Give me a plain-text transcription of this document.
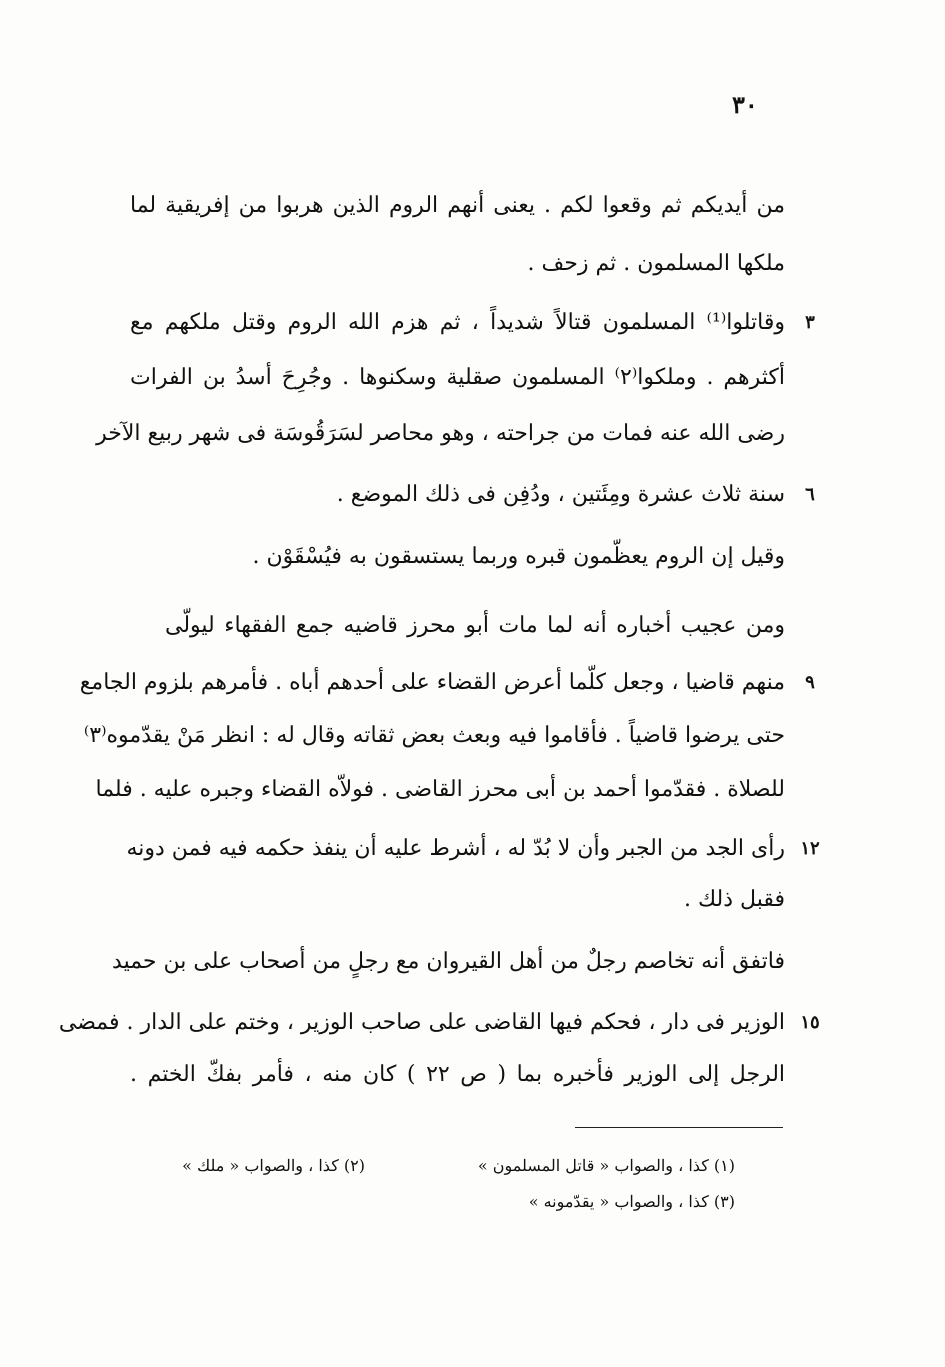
٣٠
من أيديكم ثم وقعوا لكم . يعنى أنهم الروم الذين هربوا من إفريقية لما
ملكها المسلمون . ثم زحف .
٣
وقاتلوا⁽¹⁾ المسلمون قتالاً شديداً ، ثم هزم الله الروم وقتل ملكهم مع
أكثرهم . وملكوا⁽٢⁾ المسلمون صقلية وسكنوها . وجُرِحَ أسدُ بن الفرات
رضى الله عنه فمات من جراحته ، وهو محاصر لسَرَقُوسَة فى شهر ربيع الآخر
٦
سنة ثلاث عشرة ومِئَتين ، ودُفِن فى ذلك الموضع .
وقيل إن الروم يعظّمون قبره وربما يستسقون به فيُسْقَوْن .
ومن عجيب أخباره أنه لما مات أبو محرز قاضيه جمع الفقهاء ليولّى
٩
منهم قاضيا ، وجعل كلّما أعرض القضاء على أحدهم أباه . فأمرهم بلزوم الجامع
حتى يرضوا قاضياً . فأقاموا فيه وبعث بعض ثقاته وقال له : انظر مَنْ يقدّموه⁽٣⁾
للصلاة . فقدّموا أحمد بن أبى محرز القاضى . فولاّه القضاء وجبره عليه . فلما
١٢
رأى الجد من الجبر وأن لا بُدّ له ، أشرط عليه أن ينفذ حكمه فيه فمن دونه
فقبل ذلك .
فاتفق أنه تخاصم رجلٌ من أهل القيروان مع رجلٍ من أصحاب على بن حميد
١٥
الوزير فى دار ، فحكم فيها القاضى على صاحب الوزير ، وختم على الدار . فمضى
الرجل إلى الوزير فأخبره بما ( ص ٢٢ ) كان منه ، فأمر بفكّ الختم .
(١) كذا ، والصواب « قاتل المسلمون »
(٢) كذا ، والصواب « ملك »
(٣) كذا ، والصواب « يقدّمونه »
